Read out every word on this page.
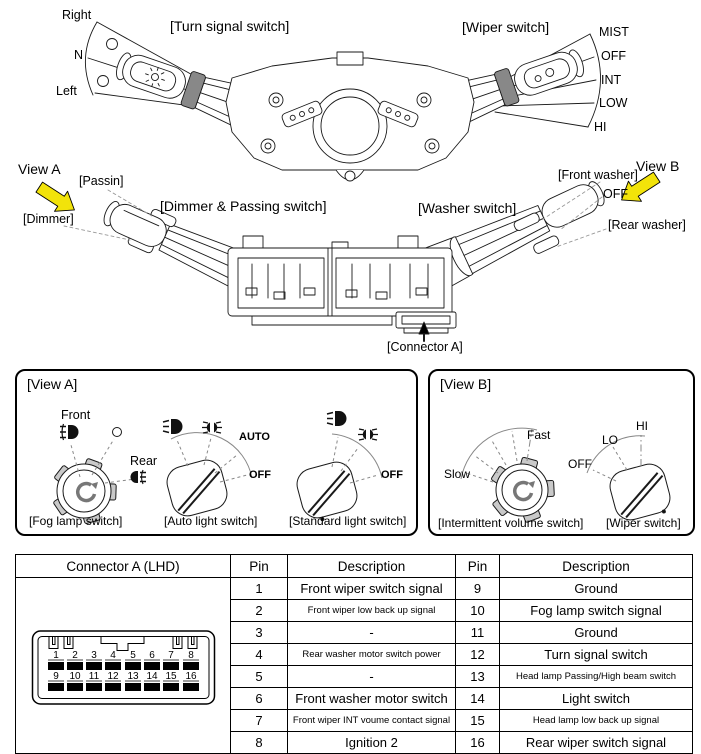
Right
N
Left
[Turn signal switch]	[Wiper switch]	MIST
OFF
INT
LOW
HI
View A
[Passin]
[Dimmer]
[Dimmer & Passing switch]	[Washer switch]
[Front washer]
View B
OFF
[Rear washer]
[Connector A]
[View A]
Front
Rear
AUTO
OFF	OFF
[Fog lamp switch]	[Auto light switch]	[Standard light switch]
[View B]
Slow
Fast
OFF
LO
HI
[Intermittent volume switch] [Wiper switch]
Connector A (LHD)	Pin	Description	Pin	Description

1 2 3 4 5 6 7 8
9 10 11 12 13 14 15 16
	1	Front wiper switch signal	9	Ground
	2	Front wiper low back up signal	10	Fog lamp switch signal
	3	-	11	Ground
	4	Rear washer motor switch power	12	Turn signal switch
	5	-	13	Head lamp Passing/High beam switch
	6	Front washer motor switch	14	Light switch
	7	Front wiper INT voume contact signal	15	Head lamp low back up signal
	8	Ignition 2	16	Rear wiper switch signal
